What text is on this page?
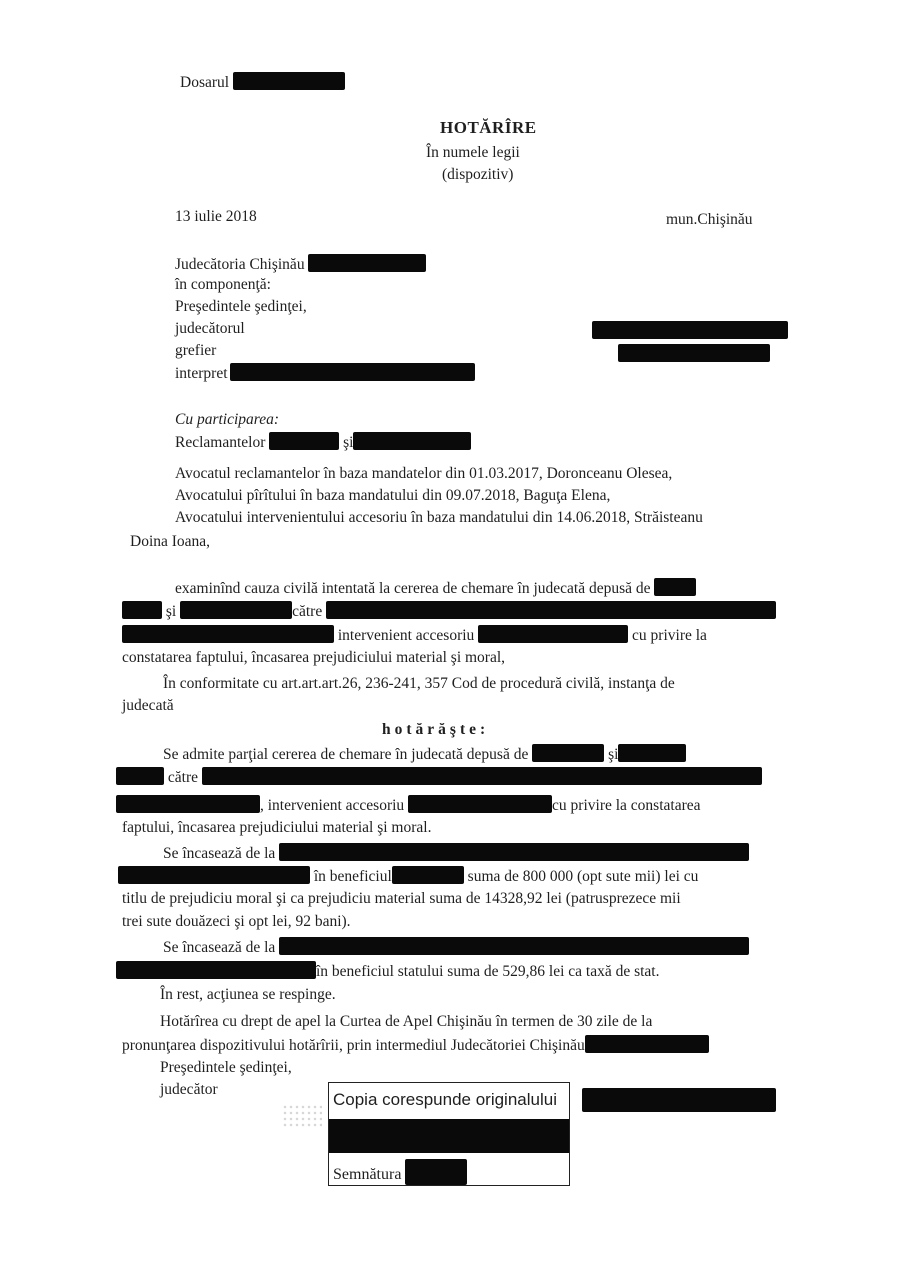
Dosarul
HOTĂRÎRE
În numele legii
(dispozitiv)
13 iulie 2018	mun.Chişinău
Judecătoria Chişinău
în componenţă:
Preşedintele şedinţei,
judecătorul
grefier
interpret
Cu participarea:
Reclamantelor	şi
Avocatul reclamantelor în baza mandatelor din 01.03.2017, Doronceanu Olesea,
Avocatului pîrîtului în baza mandatului din 09.07.2018, Baguţa Elena,
Avocatului intervenientului accesoriu în baza mandatului din 14.06.2018, Străisteanu
Doina Ioana,
examinînd cauza civilă intentată la cererea de chemare în judecată depusă de
şi	către
intervenient accesoriu	cu privire la
constatarea faptului, încasarea prejudiciului material şi moral,
În conformitate cu art.art.art.26, 236-241, 357 Cod de procedură civilă, instanţa de
judecată
hotărăşte:
Se admite parţial cererea de chemare în judecată depusă de	şi
către
, intervenient accesoriu	cu privire la constatarea
faptului, încasarea prejudiciului material şi moral.
Se încasează de la
în beneficiul	suma de 800 000 (opt sute mii) lei cu
titlu de prejudiciu moral şi ca prejudiciu material suma de 14328,92 lei (patrusprezece mii
trei sute douăzeci şi opt lei, 92 bani).
Se încasează de la
în beneficiul statului suma de 529,86 lei ca taxă de stat.
În rest, acţiunea se respinge.
Hotărîrea cu drept de apel la Curtea de Apel Chişinău în termen de 30 zile de la
pronunţarea dispozitivului hotărîrii, prin intermediul Judecătoriei Chişinău
Preşedintele şedinţei,
judecător
Copia corespunde originalului
Semnătura
